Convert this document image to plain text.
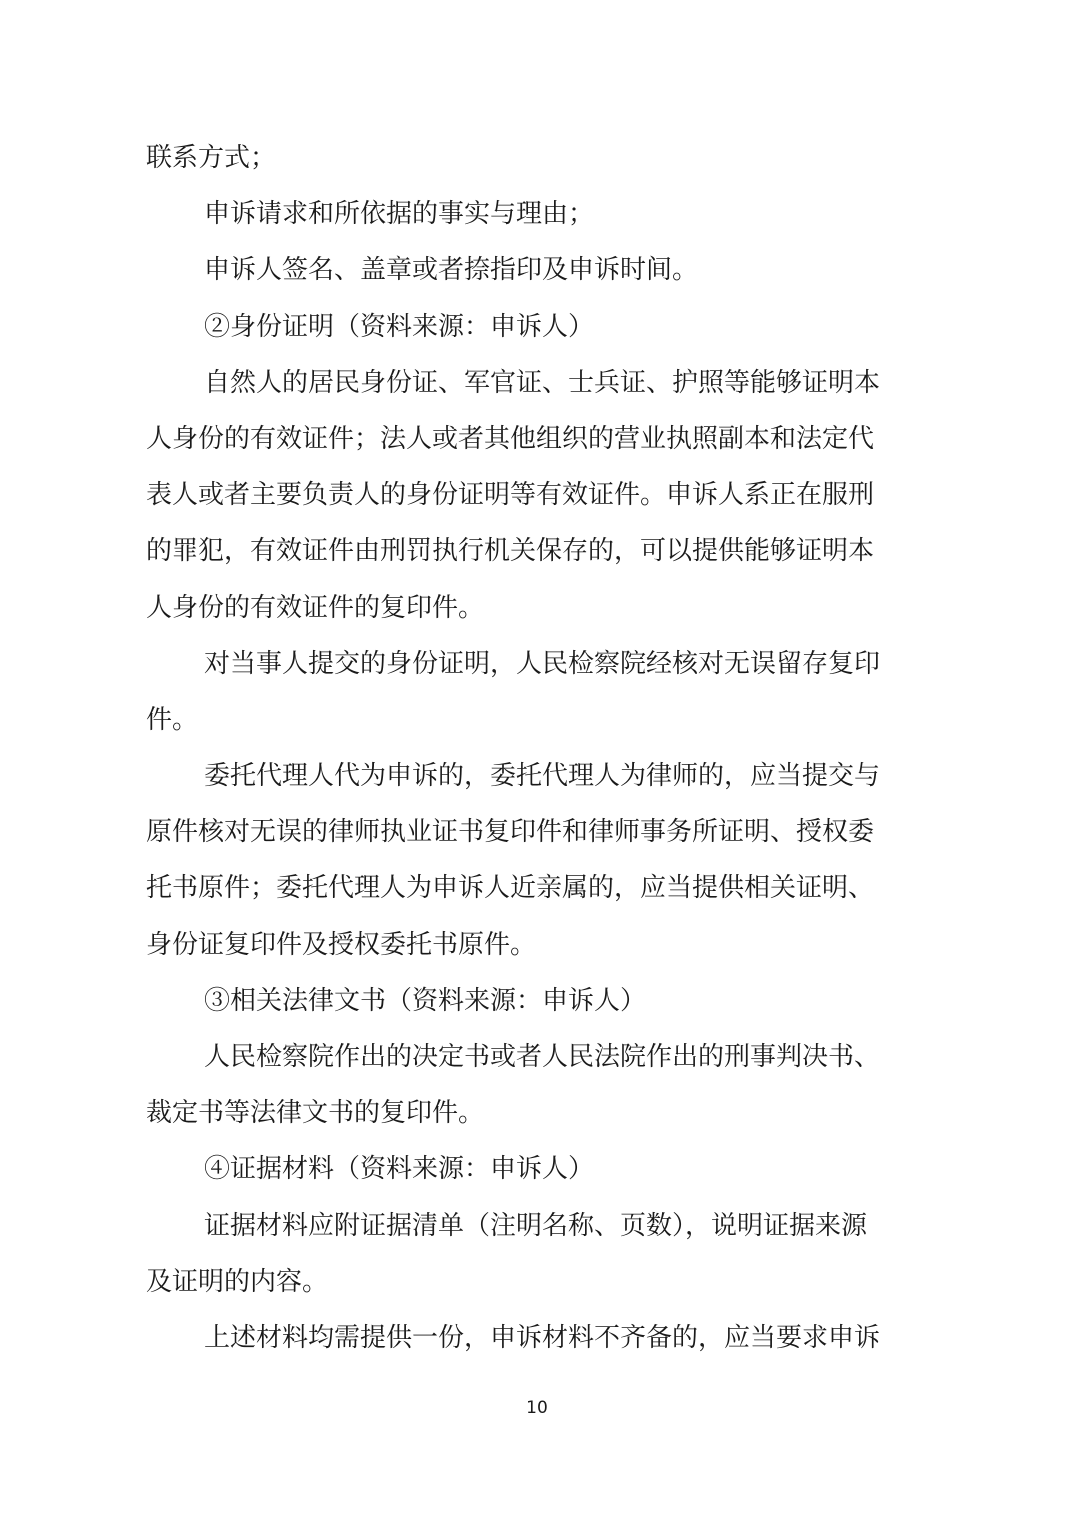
联系方式；
申诉请求和所依据的事实与理由；
申诉人签名、盖章或者捺指印及申诉时间。
②身份证明（资料来源：申诉人）
自然人的居民身份证、军官证、士兵证、护照等能够证明本
人身份的有效证件；法人或者其他组织的营业执照副本和法定代
表人或者主要负责人的身份证明等有效证件。申诉人系正在服刑
的罪犯，有效证件由刑罚执行机关保存的，可以提供能够证明本
人身份的有效证件的复印件。
对当事人提交的身份证明，人民检察院经核对无误留存复印
件。
委托代理人代为申诉的，委托代理人为律师的，应当提交与
原件核对无误的律师执业证书复印件和律师事务所证明、授权委
托书原件；委托代理人为申诉人近亲属的，应当提供相关证明、
身份证复印件及授权委托书原件。
③相关法律文书（资料来源：申诉人）
人民检察院作出的决定书或者人民法院作出的刑事判决书、
裁定书等法律文书的复印件。
④证据材料（资料来源：申诉人）
证据材料应附证据清单（注明名称、页数），说明证据来源
及证明的内容。
上述材料均需提供一份，申诉材料不齐备的，应当要求申诉
10
